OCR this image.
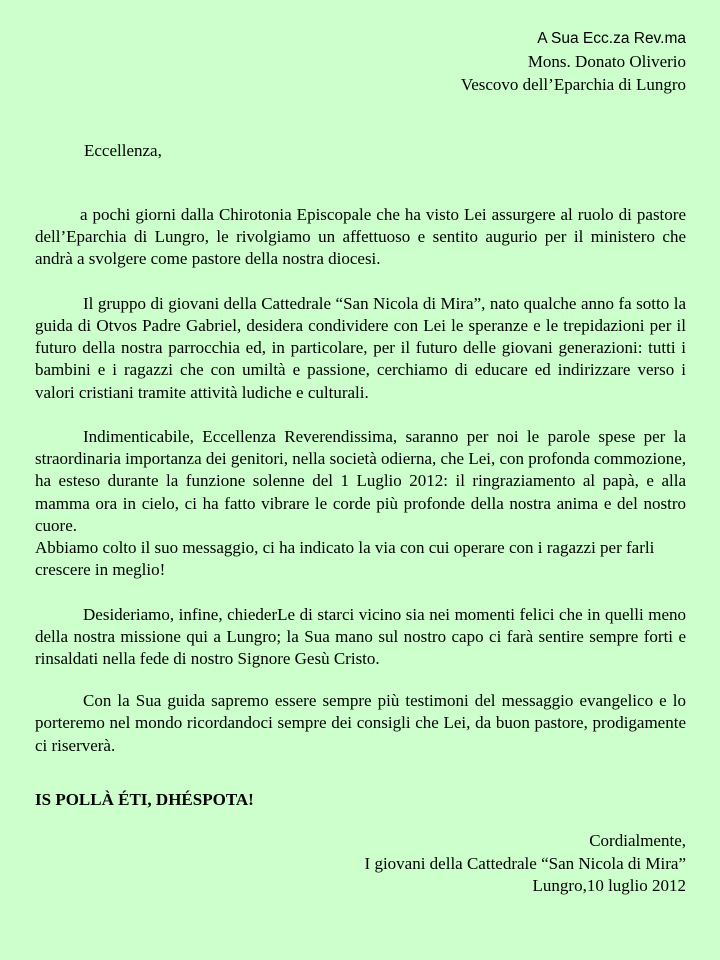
A Sua Ecc.za Rev.ma
Mons. Donato Oliverio
Vescovo dell’Eparchia di Lungro
Eccellenza,

a pochi giorni dalla Chirotonia Episcopale che ha visto Lei assurgere al ruolo di pastore dell’Eparchia di Lungro, le rivolgiamo un affettuoso e sentito augurio per il ministero che andrà a svolgere come pastore della nostra diocesi.

Il gruppo di giovani della Cattedrale “San Nicola di Mira”, nato qualche anno fa sotto la guida di Otvos Padre Gabriel, desidera condividere con Lei le speranze e le trepidazioni per il futuro della nostra parrocchia ed, in particolare, per il futuro delle giovani generazioni: tutti i bambini e i ragazzi che con umiltà e passione, cerchiamo di educare ed indirizzare verso i valori cristiani tramite attività ludiche e culturali.

Indimenticabile, Eccellenza Reverendissima, saranno per noi le parole spese per la straordinaria importanza dei genitori, nella società odierna, che Lei, con profonda commozione, ha esteso durante la funzione solenne del 1 Luglio 2012: il ringraziamento al papà, e alla mamma ora in cielo, ci ha fatto vibrare le corde più profonde della nostra anima e del nostro cuore.

Abbiamo colto il suo messaggio, ci ha indicato la via con cui operare con i ragazzi per farli crescere in meglio!

Desideriamo, infine, chiederLe di starci vicino sia nei momenti felici che in quelli meno della nostra missione qui a Lungro; la Sua mano sul nostro capo ci farà sentire sempre forti e rinsaldati nella fede di nostro Signore Gesù Cristo.

Con la Sua guida sapremo essere sempre più testimoni del messaggio evangelico e lo porteremo nel mondo ricordandoci sempre dei consigli che Lei, da buon pastore, prodigamente ci riserverà.

IS POLLÀ ÉTI, DHÉSPOTA!
Cordialmente,
I giovani della Cattedrale “San Nicola di Mira”
Lungro,10 luglio 2012
